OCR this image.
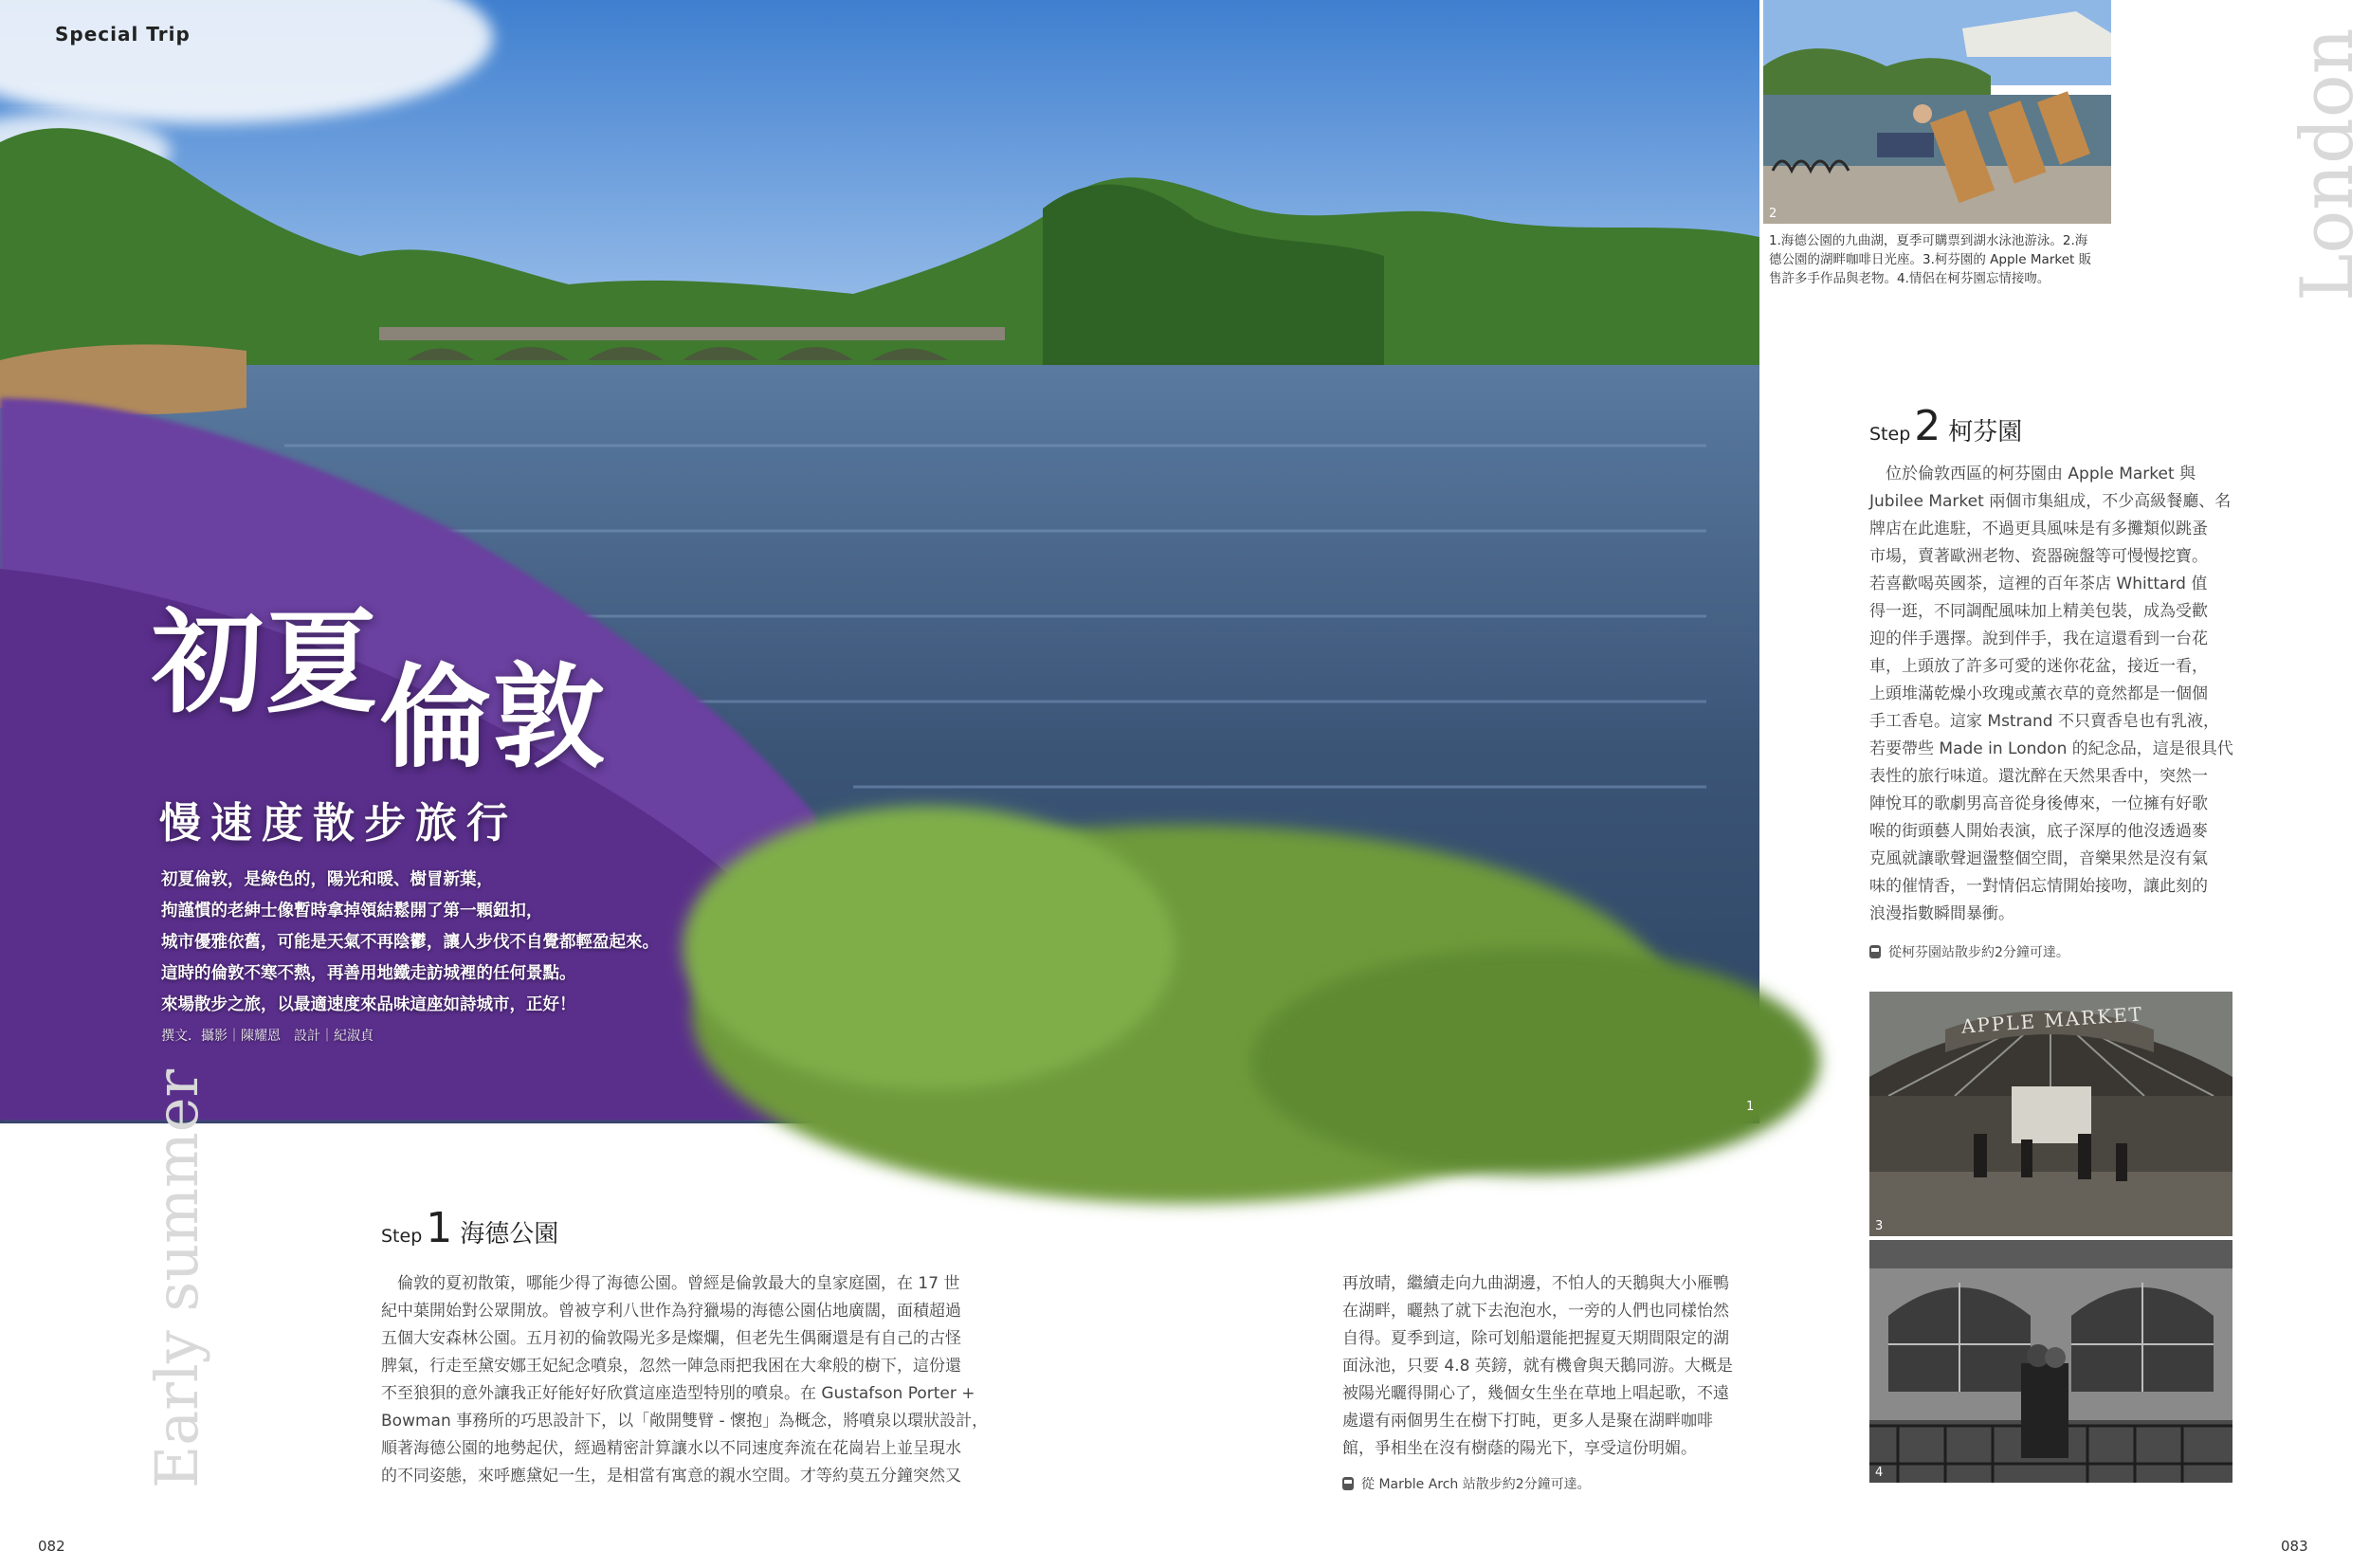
Special Trip
初夏倫敦
慢速度散步旅行
初夏倫敦，是綠色的，陽光和暖、樹冒新葉，
拘謹慣的老紳士像暫時拿掉領結鬆開了第一顆鈕扣，
城市優雅依舊，可能是天氣不再陰鬱，讓人步伐不自覺都輕盈起來。
這時的倫敦不寒不熱，再善用地鐵走訪城裡的任何景點。
來場散步之旅，以最適速度來品味這座如詩城市，正好！
撰文．攝影｜陳耀恩　設計｜紀淑貞
1
Early summer
London
Step1 海德公園
　倫敦的夏初散策，哪能少得了海德公園。曾經是倫敦最大的皇家庭園，在 17 世
紀中葉開始對公眾開放。曾被亨利八世作為狩獵場的海德公園佔地廣闊，面積超過
五個大安森林公園。五月初的倫敦陽光多是燦爛，但老先生偶爾還是有自己的古怪
脾氣，行走至黛安娜王妃紀念噴泉，忽然一陣急雨把我困在大傘般的樹下，這份還
不至狼狽的意外讓我正好能好好欣賞這座造型特別的噴泉。在 Gustafson Porter +
Bowman 事務所的巧思設計下，以「敞開雙臂 - 懷抱」為概念，將噴泉以環狀設計，
順著海德公園的地勢起伏，經過精密計算讓水以不同速度奔流在花崗岩上並呈現水
的不同姿態，來呼應黛妃一生，是相當有寓意的親水空間。才等約莫五分鐘突然又
再放晴，繼續走向九曲湖邊，不怕人的天鵝與大小雁鴨
在湖畔，曬熱了就下去泡泡水，一旁的人們也同樣怡然
自得。夏季到這，除可划船還能把握夏天期間限定的湖
面泳池，只要 4.8 英鎊，就有機會與天鵝同游。大概是
被陽光曬得開心了，幾個女生坐在草地上唱起歌，不遠
處還有兩個男生在樹下打盹，更多人是聚在湖畔咖啡
館，爭相坐在沒有樹蔭的陽光下，享受這份明媚。
從 Marble Arch 站散步約2分鐘可達。
2
1.海德公園的九曲湖，夏季可購票到湖水泳池游泳。2.海
德公園的湖畔咖啡日光座。3.柯芬園的 Apple Market 販
售許多手作品與老物。4.情侶在柯芬園忘情接吻。
Step2 柯芬園
　位於倫敦西區的柯芬園由 Apple Market 與
Jubilee Market 兩個市集組成，不少高級餐廳、名
牌店在此進駐，不過更具風味是有多攤類似跳蚤
市場，賣著歐洲老物、瓷器碗盤等可慢慢挖寶。
若喜歡喝英國茶，這裡的百年茶店 Whittard 值
得一逛，不同調配風味加上精美包裝，成為受歡
迎的伴手選擇。說到伴手，我在這還看到一台花
車，上頭放了許多可愛的迷你花盆，接近一看，
上頭堆滿乾燥小玫瑰或薰衣草的竟然都是一個個
手工香皂。這家 Mstrand 不只賣香皂也有乳液，
若要帶些 Made in London 的紀念品，這是很具代
表性的旅行味道。還沈醉在天然果香中，突然一
陣悅耳的歌劇男高音從身後傳來，一位擁有好歌
喉的街頭藝人開始表演，底子深厚的他沒透過麥
克風就讓歌聲迴盪整個空間，音樂果然是沒有氣
味的催情香，一對情侶忘情開始接吻，讓此刻的
浪漫指數瞬間暴衝。
從柯芬園站散步約2分鐘可達。
APPLE MARKET
3
4
082	083
